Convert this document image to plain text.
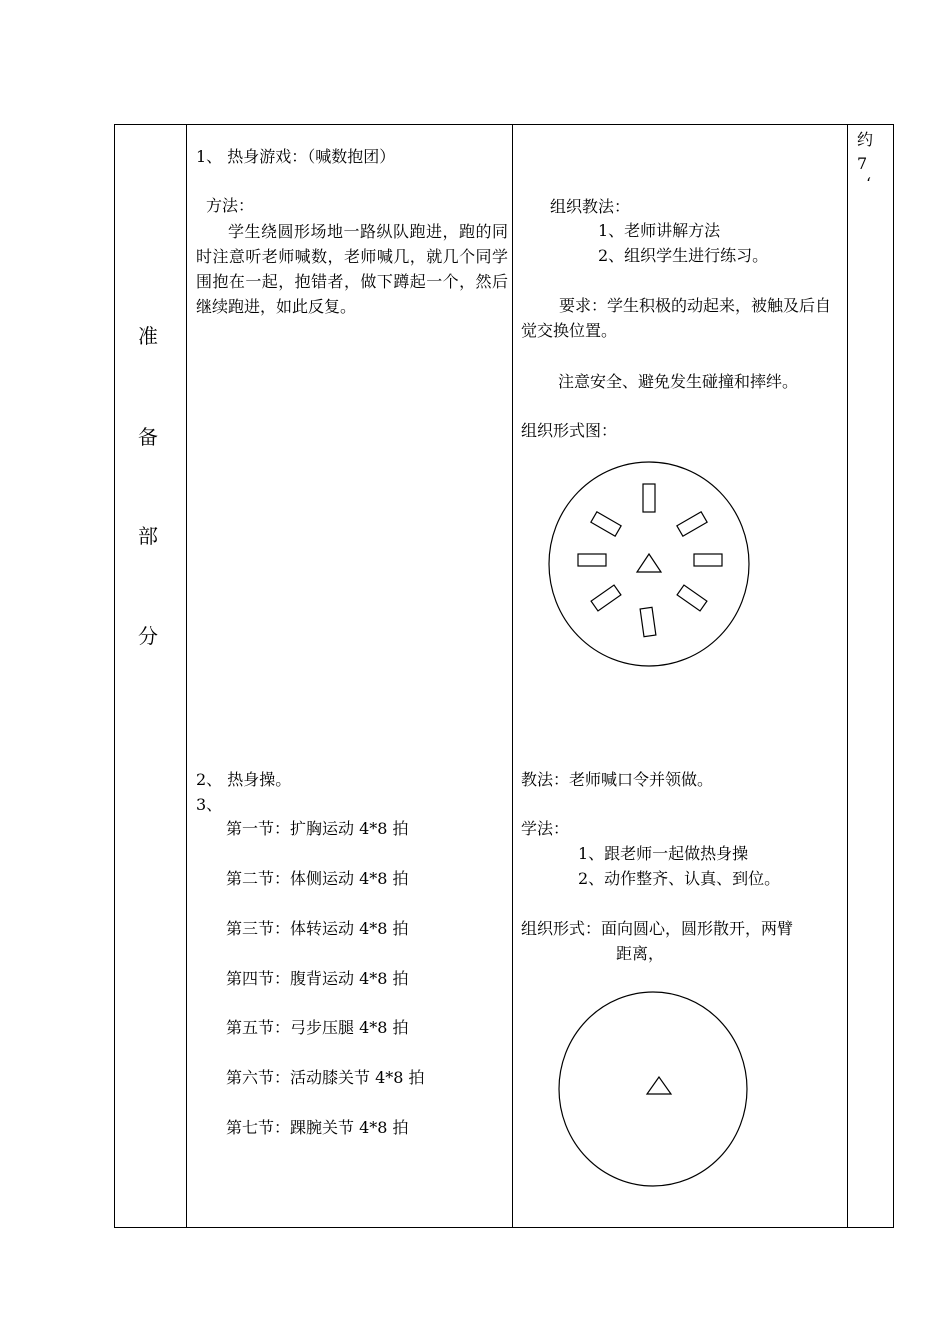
准
备
部
分
1、 热身游戏：（喊数抱团）
方法：
学生绕圆形场地一路纵队跑进，跑的同时注意听老师喊数，老师喊几，就几个同学围抱在一起，抱错者，做下蹲起一个，然后继续跑进，如此反复。
2、 热身操。
3、
第一节：扩胸运动 4*8 拍
第二节：体侧运动 4*8 拍
第三节：体转运动 4*8 拍
第四节：腹背运动 4*8 拍
第五节：弓步压腿 4*8 拍
第六节：活动膝关节 4*8 拍
第七节：踝腕关节 4*8 拍
组织教法：
1、老师讲解方法
2、组织学生进行练习。
要求：学生积极的动起来，被触及后自觉交换位置。
注意安全、避免发生碰撞和摔绊。
组织形式图：
教法：老师喊口令并领做。
学法：
1、跟老师一起做热身操
2、动作整齐、认真、到位。
组织形式：面向圆心，圆形散开，两臂
距离，
约
7
‘
